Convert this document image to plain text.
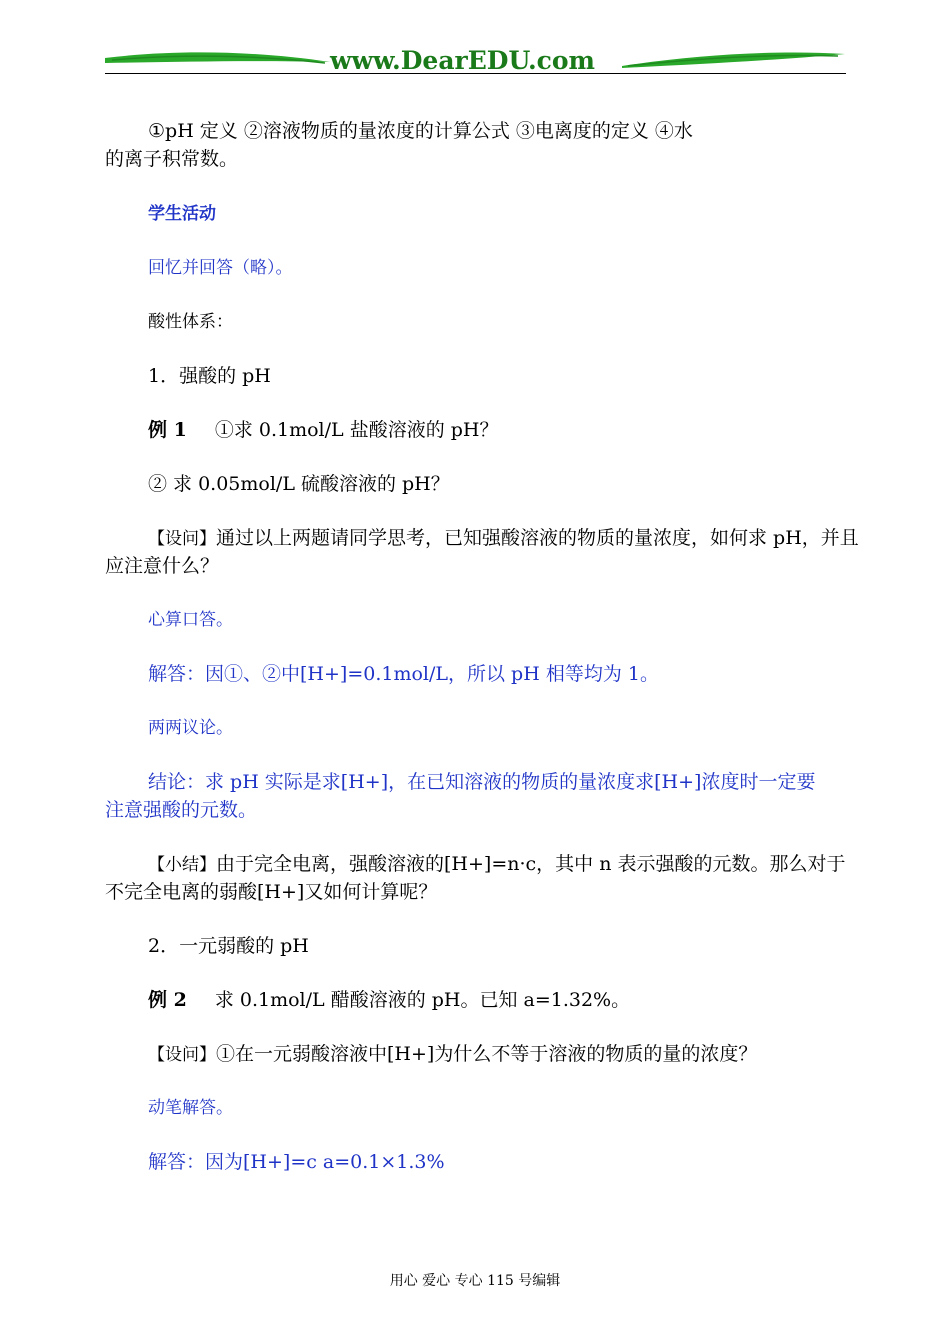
www.DearEDU.com
①pH 定义 ②溶液物质的量浓度的计算公式 ③电离度的定义 ④水
的离子积常数。
学生活动
回忆并回答（略）。
酸性体系：
1．强酸的 pH
例 1 ①求 0.1mol/L 盐酸溶液的 pH？
② 求 0.05mol/L 硫酸溶液的 pH？
【设问】通过以上两题请同学思考，已知强酸溶液的物质的量浓度，如何求 pH，并且
应注意什么？
心算口答。
解答：因①、②中[H+]=0.1mol/L，所以 pH 相等均为 1。
两两议论。
结论：求 pH 实际是求[H+]，在已知溶液的物质的量浓度求[H+]浓度时一定要
注意强酸的元数。
【小结】由于完全电离，强酸溶液的[H+]=n·c，其中 n 表示强酸的元数。那么对于
不完全电离的弱酸[H+]又如何计算呢？
2．一元弱酸的 pH
例 2 求 0.1mol/L 醋酸溶液的 pH。已知 a=1.32%。
【设问】①在一元弱酸溶液中[H+]为什么不等于溶液的物质的量的浓度？
动笔解答。
解答：因为[H+]=c a=0.1×1.3%
用心 爱心 专心 115 号编辑
